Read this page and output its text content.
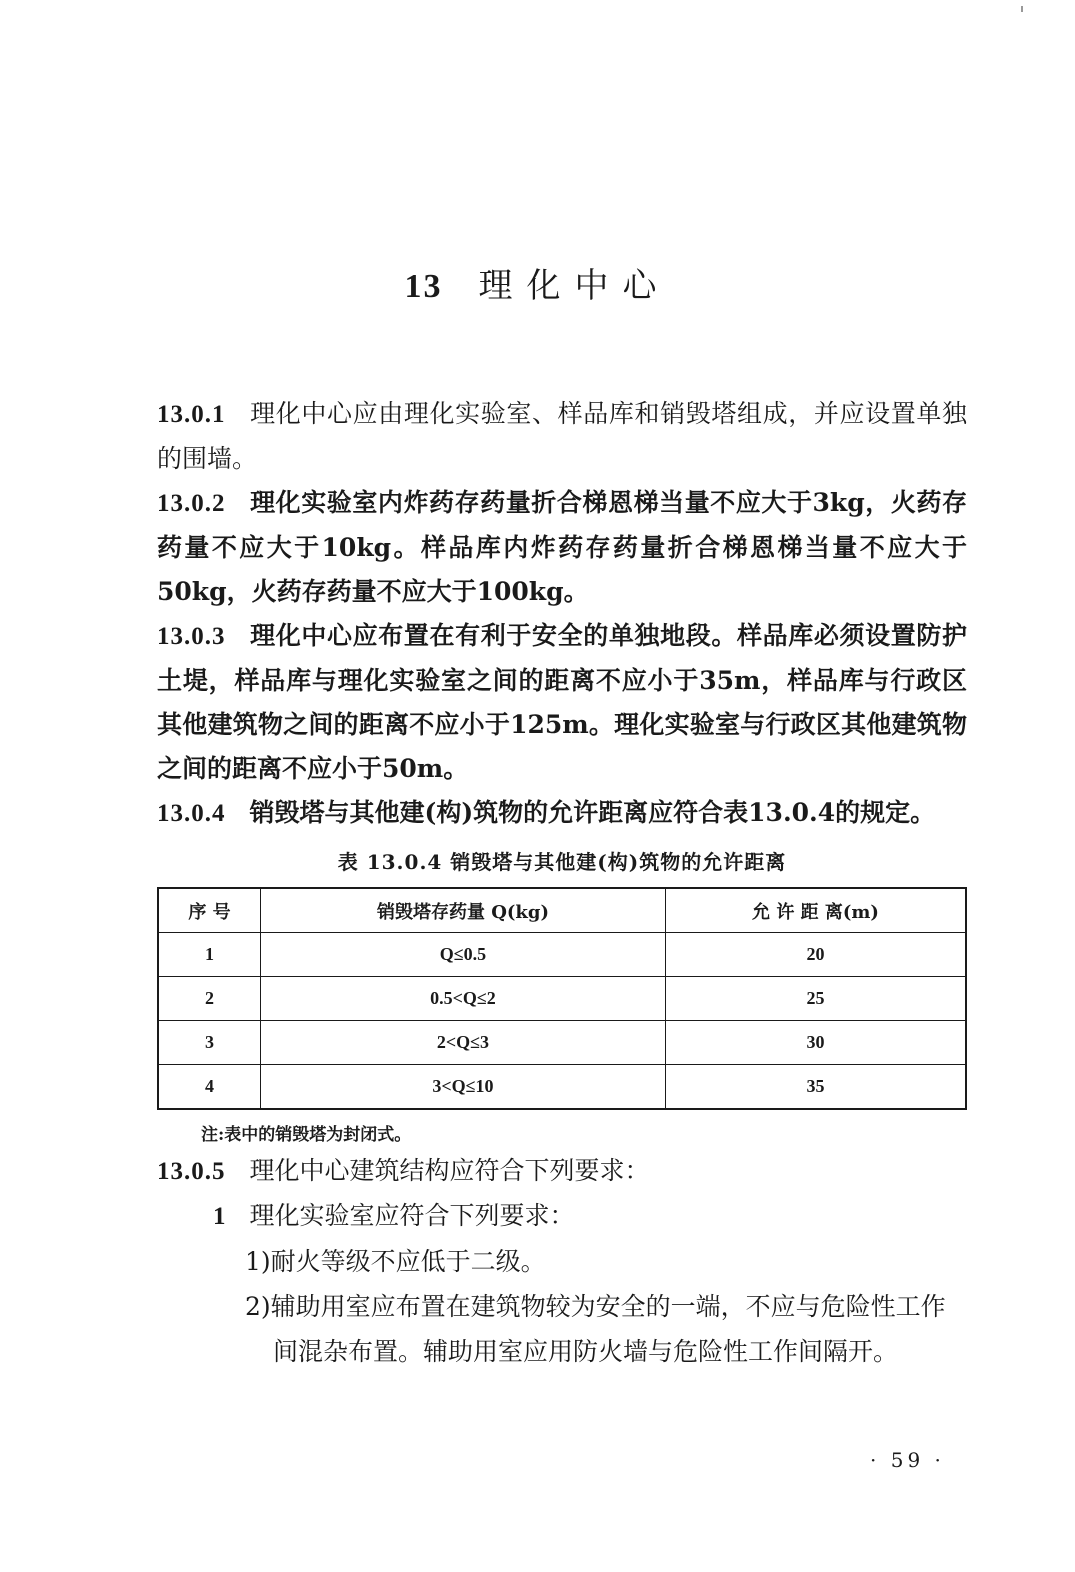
13 理化中心

13.0.1 理化中心应由理化实验室、样品库和销毁塔组成，并应设置单独的围墙。

13.0.2 理化实验室内炸药存药量折合梯恩梯当量不应大于3kg，火药存药量不应大于10kg。样品库内炸药存药量折合梯恩梯当量不应大于50kg，火药存药量不应大于100kg。

13.0.3 理化中心应布置在有利于安全的单独地段。样品库必须设置防护土堤，样品库与理化实验室之间的距离不应小于35m，样品库与行政区其他建筑物之间的距离不应小于125m。理化实验室与行政区其他建筑物之间的距离不应小于50m。

13.0.4 销毁塔与其他建(构)筑物的允许距离应符合表13.0.4的规定。

表 13.0.4 销毁塔与其他建(构)筑物的允许距离
序 号	销毁塔存药量 Q(kg)	允 许 距 离(m)
1	Q≤0.5	20
2	0.5<Q≤2	25
3	2<Q≤3	30
4	3<Q≤10	35
注:表中的销毁塔为封闭式。

13.0.5 理化中心建筑结构应符合下列要求：

1 理化实验室应符合下列要求：

1)耐火等级不应低于二级。

2)辅助用室应布置在建筑物较为安全的一端，不应与危险性工作间混杂布置。辅助用室应用防火墙与危险性工作间隔开。

· 59 ·
